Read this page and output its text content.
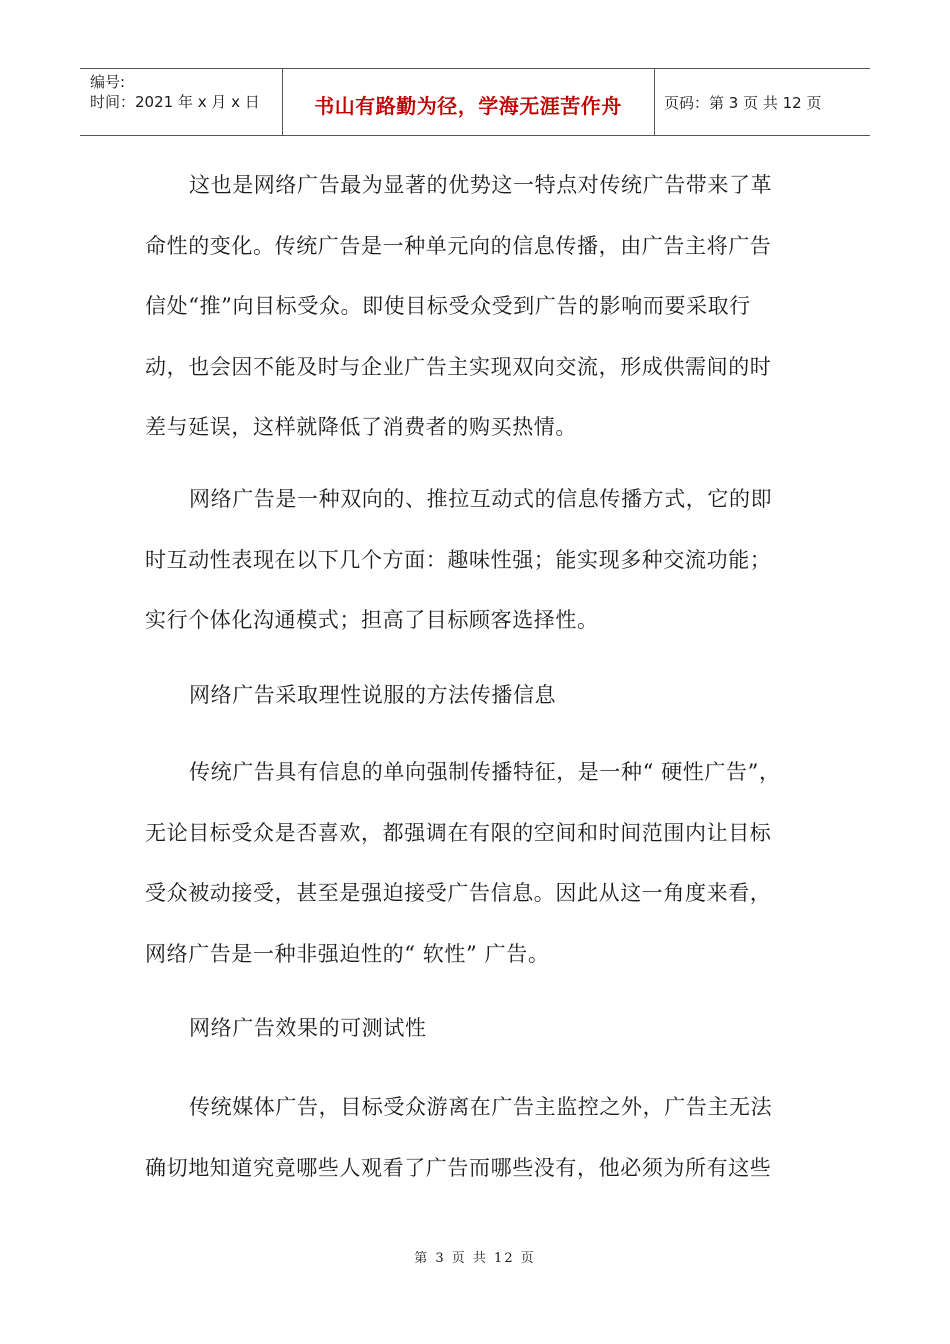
编号:
时间：2021 年 x 月 x 日	书山有路勤为径，学海无涯苦作舟	页码：第 3 页 共 12 页

这也是网络广告最为显著的优势这一特点对传统广告带来了革
命性的变化。传统广告是一种单元向的信息传播，由广告主将广告
信处“推”向目标受众。即使目标受众受到广告的影响而要采取行
动，也会因不能及时与企业广告主实现双向交流，形成供需间的时
差与延误，这样就降低了消费者的购买热情。

网络广告是一种双向的、推拉互动式的信息传播方式，它的即
时互动性表现在以下几个方面：趣味性强；能实现多种交流功能；
实行个体化沟通模式；担高了目标顾客选择性。

网络广告采取理性说服的方法传播信息

传统广告具有信息的单向强制传播特征，是一种“ 硬性广告”，
无论目标受众是否喜欢，都强调在有限的空间和时间范围内让目标
受众被动接受，甚至是强迫接受广告信息。因此从这一角度来看，
网络广告是一种非强迫性的“ 软性” 广告。

网络广告效果的可测试性

传统媒体广告，目标受众游离在广告主监控之外，广告主无法
确切地知道究竟哪些人观看了广告而哪些没有，他必须为所有这些

第 3 页 共 12 页
